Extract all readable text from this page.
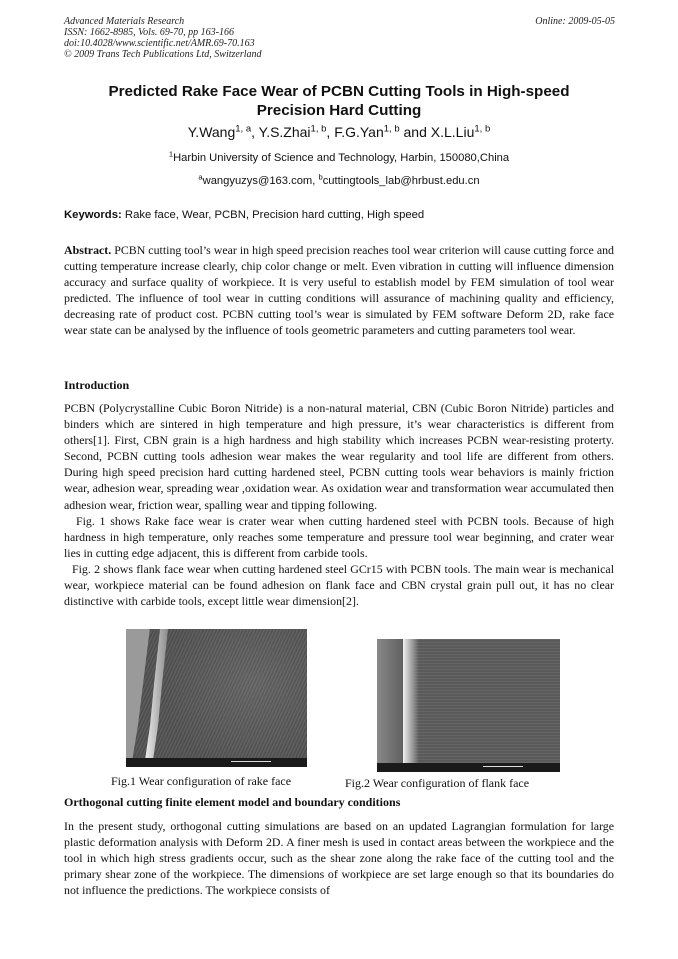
Advanced Materials Research
ISSN: 1662-8985, Vols. 69-70, pp 163-166
doi:10.4028/www.scientific.net/AMR.69-70.163
© 2009 Trans Tech Publications Ltd, Switzerland
Online: 2009-05-05
Predicted Rake Face Wear of PCBN Cutting Tools in High-speed
Precision Hard Cutting
Y.Wang$^{1, a}$, Y.S.Zhai$^{1, b}$, F.G.Yan$^{1, b}$ and X.L.Liu$^{1, b}$
$^1$Harbin University of Science and Technology, Harbin, 150080,China
$^a$wangyuzys@163.com, $^b$cuttingtools_lab@hrbust.edu.cn
Keywords: Rake face, Wear, PCBN, Precision hard cutting, High speed
Abstract. PCBN cutting tool’s wear in high speed precision reaches tool wear criterion will cause cutting force and cutting temperature increase clearly, chip color change or melt. Even vibration in cutting will influence dimension accuracy and surface quality of workpiece. It is very useful to establish model by FEM simulation of tool wear predicted. The influence of tool wear in cutting conditions will assurance of machining quality and efficiency, decreasing rate of product cost. PCBN cutting tool’s wear is simulated by FEM software Deform 2D, rake face wear state can be analysed by the influence of tools geometric parameters and cutting parameters tool wear.
Introduction
PCBN (Polycrystalline Cubic Boron Nitride) is a non-natural material, CBN (Cubic Boron Nitride) particles and binders which are sintered in high temperature and high pressure, it’s wear characteristics is different from others[1]. First, CBN grain is a high hardness and high stability which increases PCBN wear-resisting proterty. Second, PCBN cutting tools adhesion wear makes the wear regularity and tool life are different from others. During high speed precision hard cutting hardened steel, PCBN cutting tools wear behaviors is mainly friction wear, adhesion wear, spreading wear ,oxidation wear. As oxidation wear and transformation wear accumulated then adhesion wear, friction wear, spalling wear and tipping following.
Fig. 1 shows Rake face wear is crater wear when cutting hardened steel with PCBN tools. Because of high hardness in high temperature, only reaches some temperature and pressure tool wear beginning, and crater wear lies in cutting edge adjacent, this is different from carbide tools.
Fig. 2 shows flank face wear when cutting hardened steel GCr15 with PCBN tools. The main wear is mechanical wear, workpiece material can be found adhesion on flank face and CBN crystal grain pull out, it has no clear distinctive with carbide tools, except little wear dimension[2].
Fig.1 Wear configuration of rake face	Fig.2 Wear configuration of flank face
Orthogonal cutting finite element model and boundary conditions
In the present study, orthogonal cutting simulations are based on an updated Lagrangian formulation for large plastic deformation analysis with Deform 2D. A finer mesh is used in contact areas between the workpiece and the tool in which high stress gradients occur, such as the shear zone along the rake face of the cutting tool and the primary shear zone of the workpiece. The dimensions of workpiece are set large enough so that its boundaries do not influence the predictions. The workpiece consists of
